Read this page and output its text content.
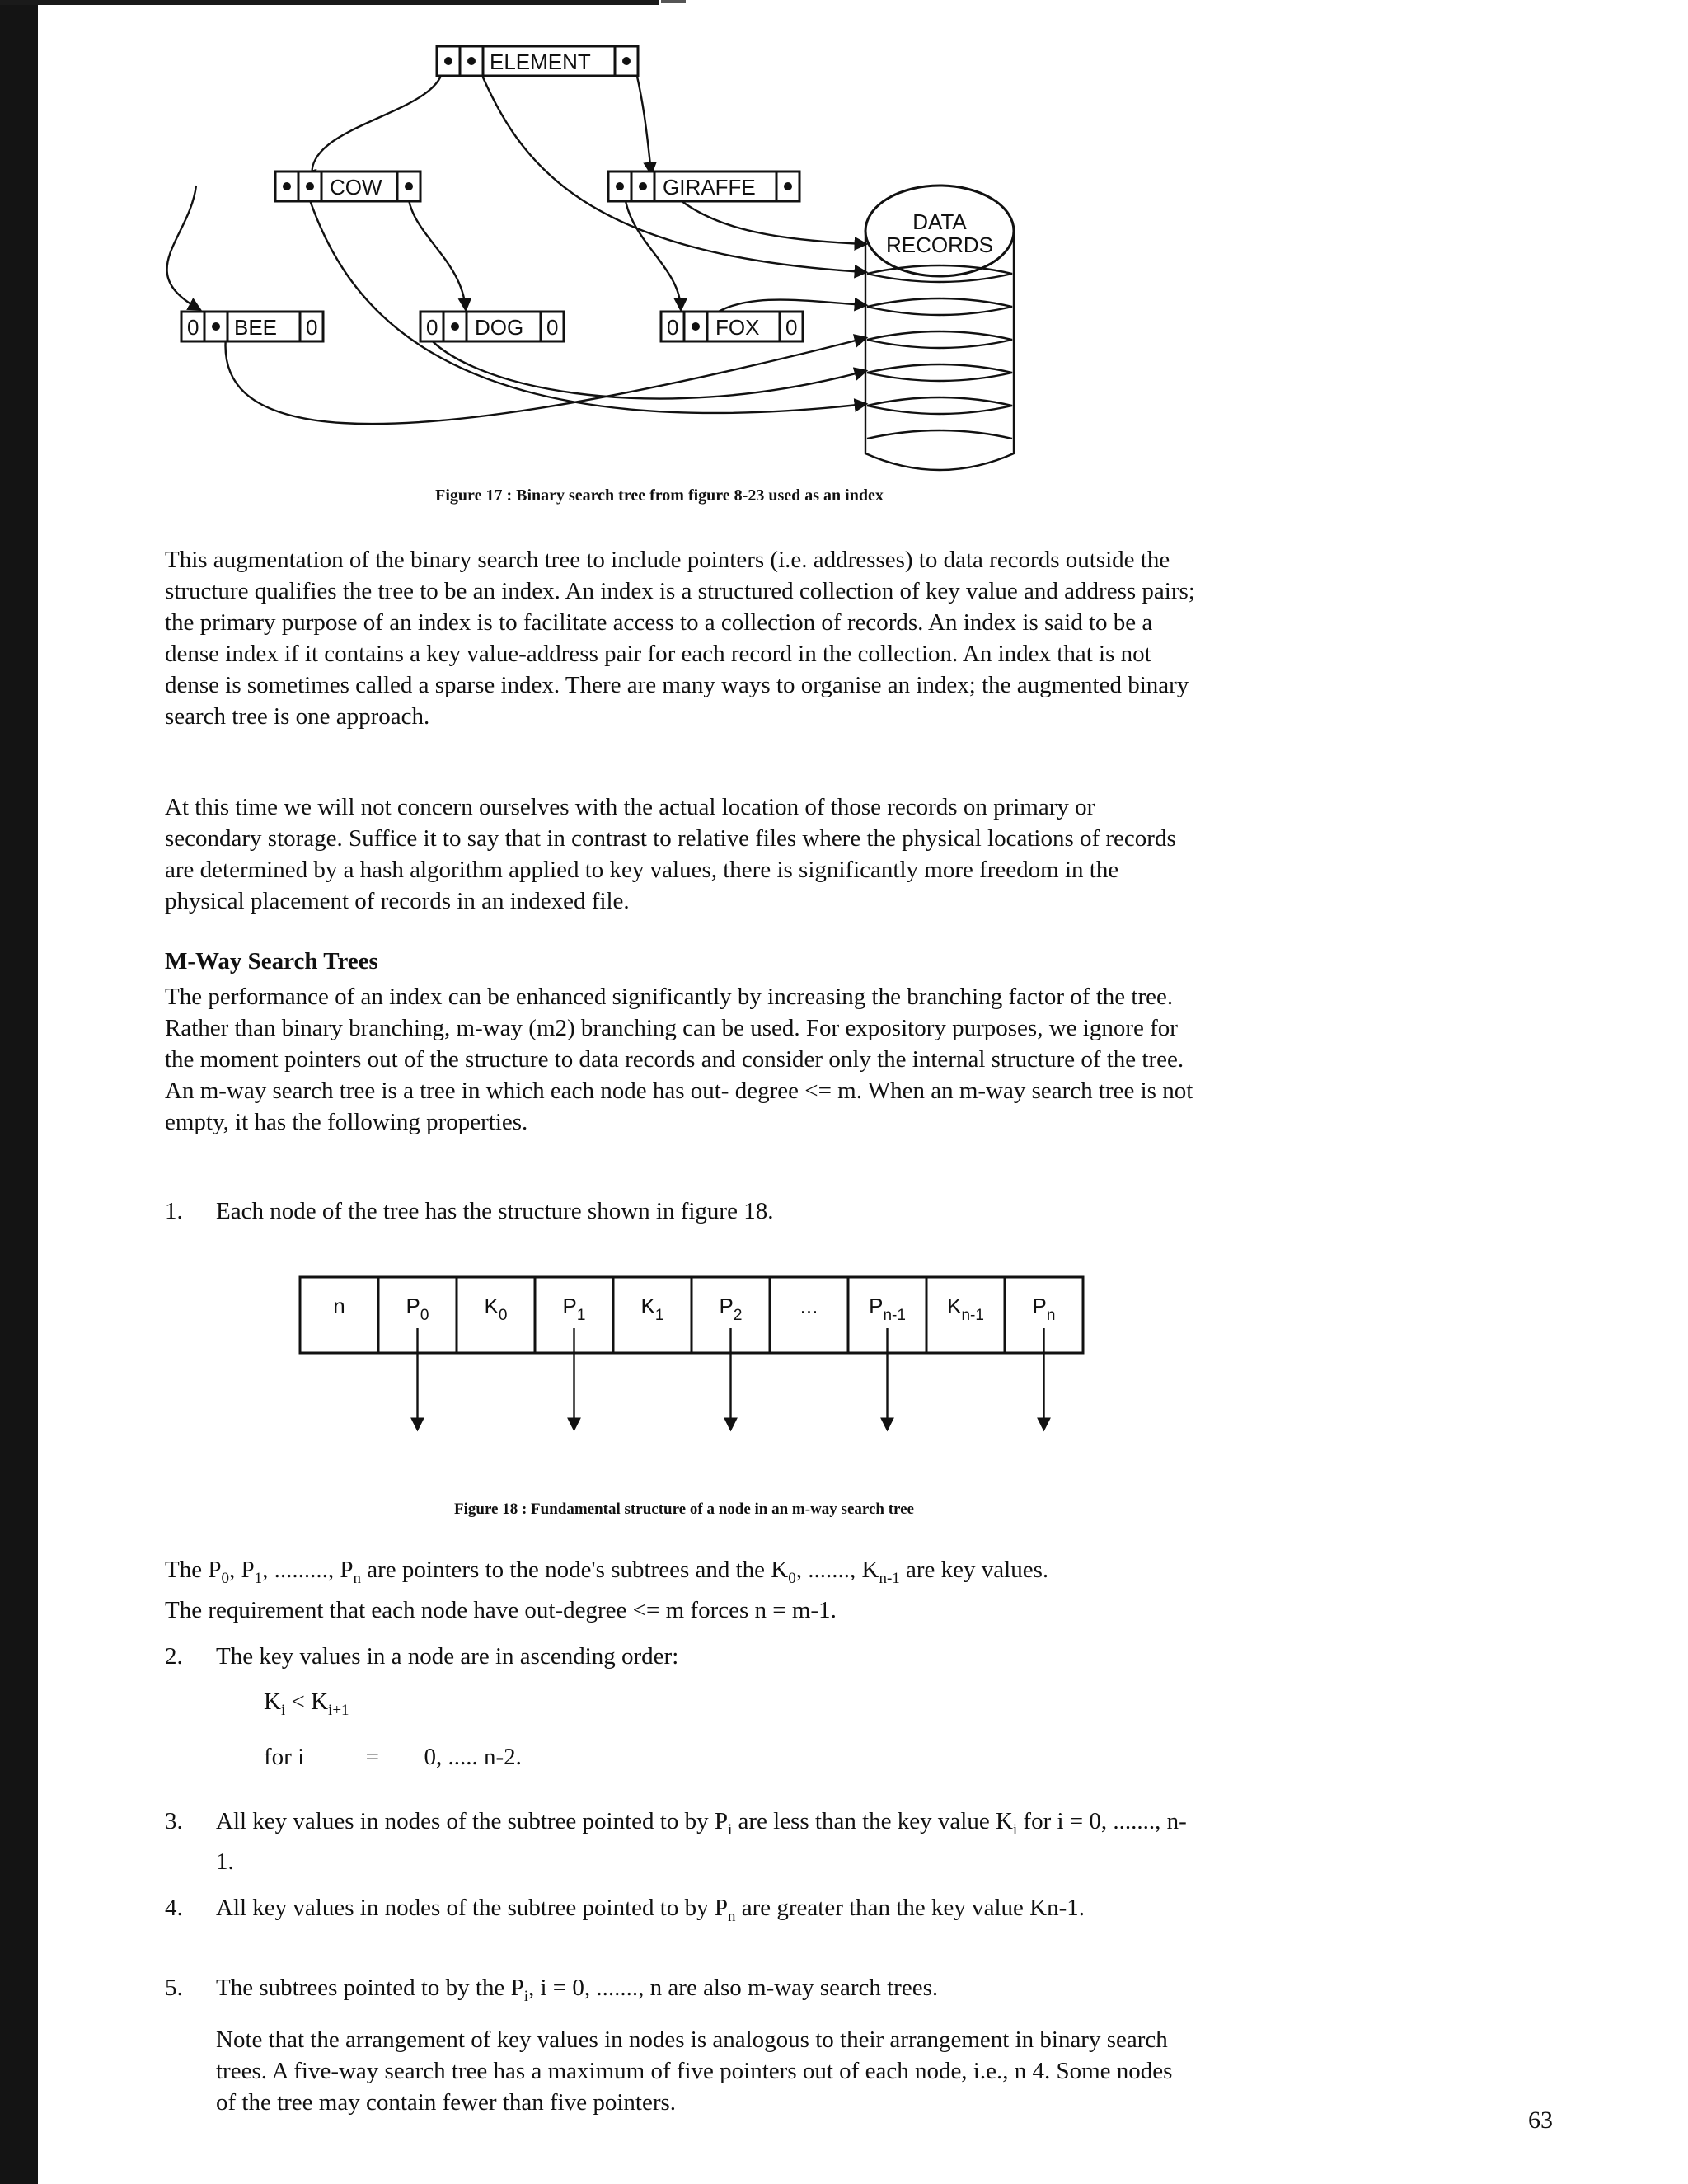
ELEMENT
COW	GIRAFFE
0 BEE 0	0 DOG 0	0 FOX 0
DATA
RECORDS
Figure 17 : Binary search tree from figure 8-23 used as an index

This augmentation of the binary search tree to include pointers (i.e. addresses) to data records outside the structure qualifies the tree to be an index. An index is a structured collection of key value and address pairs; the primary purpose of an index is to facilitate access to a collection of records. An index is said to be a dense index if it contains a key value-address pair for each record in the collection. An index that is not dense is sometimes called a sparse index. There are many ways to organise an index; the augmented binary search tree is one approach.

At this time we will not concern ourselves with the actual location of those records on primary or secondary storage. Suffice it to say that in contrast to relative files where the physical locations of records are determined by a hash algorithm applied to key values, there is significantly more freedom in the physical placement of records in an indexed file.

M-Way Search Trees

The performance of an index can be enhanced significantly by increasing the branching factor of the tree. Rather than binary branching, m-way (m2) branching can be used. For expository purposes, we ignore for the moment pointers out of the structure to data records and consider only the internal structure of the tree. An m-way search tree is a tree in which each node has out- degree <= m. When an m-way search tree is not empty, it has the following properties.

1.	Each node of the tree has the structure shown in figure 18.
n	$P_0$	$K_0$	$P_1$	$K_1$	$P_2$	... $P_{n-1}$ $K_{n-1}$ $P_n$
Figure 18 : Fundamental structure of a node in an m-way search tree

The $P_0$, $P_1$, ........., $P_n$ are pointers to the node's subtrees and the $K_0$, ......., $K_{n-1}$ are key values.
The requirement that each node have out-degree <= m forces n = m-1.

2.	The key values in a node are in ascending order:

$K_i < K_{i+1}$

for i	= 0, ..... n-2.

3.	All key values in nodes of the subtree pointed to by $P_i$ are less than the key value $K_i$ for i = 0, ......., n-1.
4.	All key values in nodes of the subtree pointed to by $P_n$ are greater than the key value Kn-1.
5.	The subtrees pointed to by the $P_i$, i = 0, ......., n are also m-way search trees.

Note that the arrangement of key values in nodes is analogous to their arrangement in binary search trees. A five-way search tree has a maximum of five pointers out of each node, i.e., n 4. Some nodes of the tree may contain fewer than five pointers.

63
